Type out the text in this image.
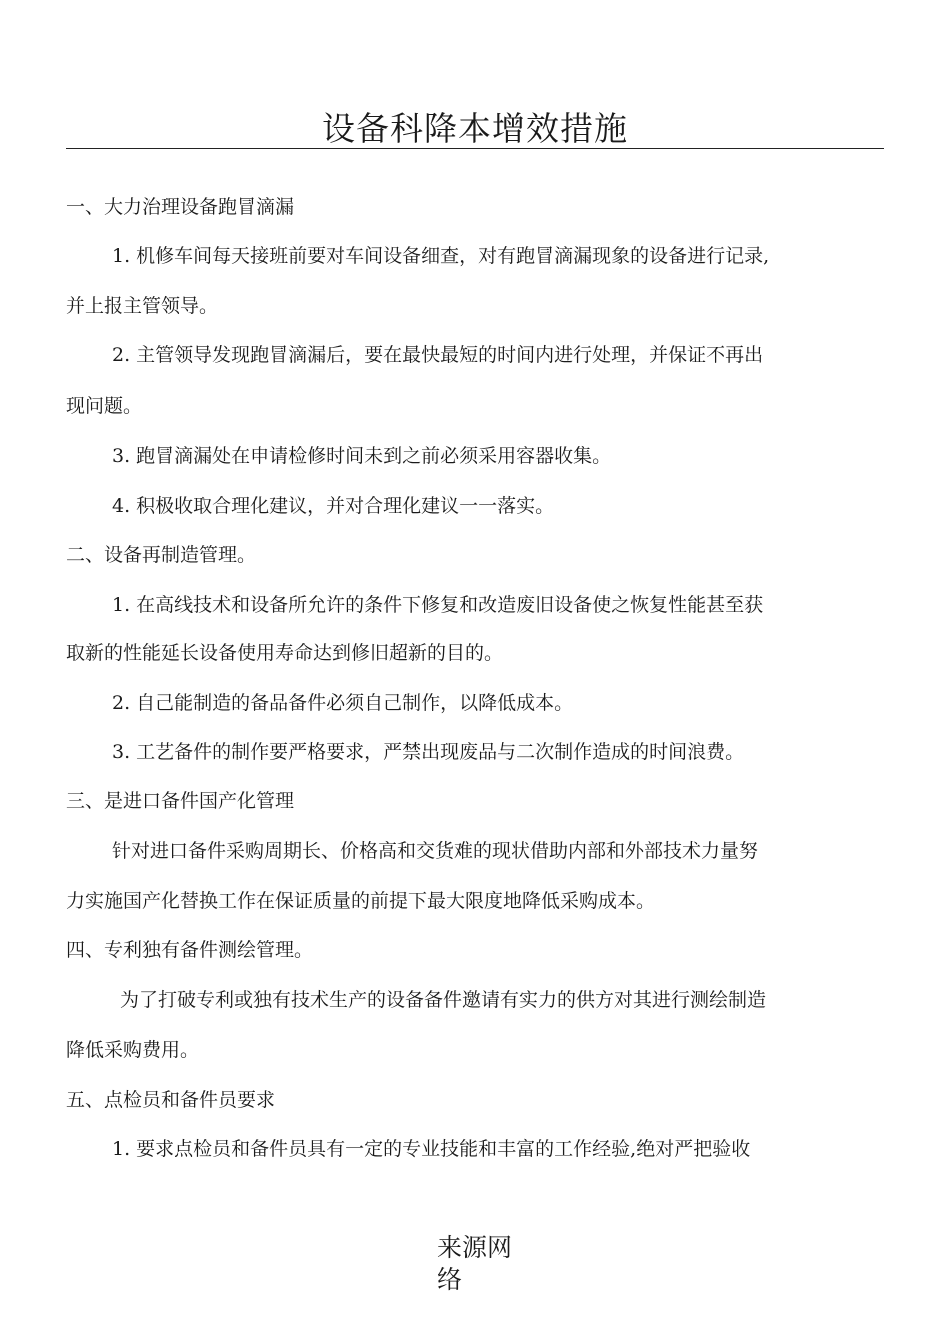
设备科降本增效措施

一、大力治理设备跑冒滴漏

1. 机修车间每天接班前要对车间设备细查，对有跑冒滴漏现象的设备进行记录,

并上报主管领导。

2. 主管领导发现跑冒滴漏后，要在最快最短的时间内进行处理，并保证不再出

现问题。

3. 跑冒滴漏处在申请检修时间未到之前必须采用容器收集。

4. 积极收取合理化建议，并对合理化建议一一落实。

二、设备再制造管理。

1. 在高线技术和设备所允许的条件下修复和改造废旧设备使之恢复性能甚至获

取新的性能延长设备使用寿命达到修旧超新的目的。

2. 自己能制造的备品备件必须自己制作，以降低成本。

3. 工艺备件的制作要严格要求，严禁出现废品与二次制作造成的时间浪费。

三、是进口备件国产化管理

针对进口备件采购周期长、价格高和交货难的现状借助内部和外部技术力量努

力实施国产化替换工作在保证质量的前提下最大限度地降低采购成本。

四、专利独有备件测绘管理。

为了打破专利或独有技术生产的设备备件邀请有实力的供方对其进行测绘制造

降低采购费用。

五、点检员和备件员要求

1. 要求点检员和备件员具有一定的专业技能和丰富的工作经验,绝对严把验收

来源网
络
